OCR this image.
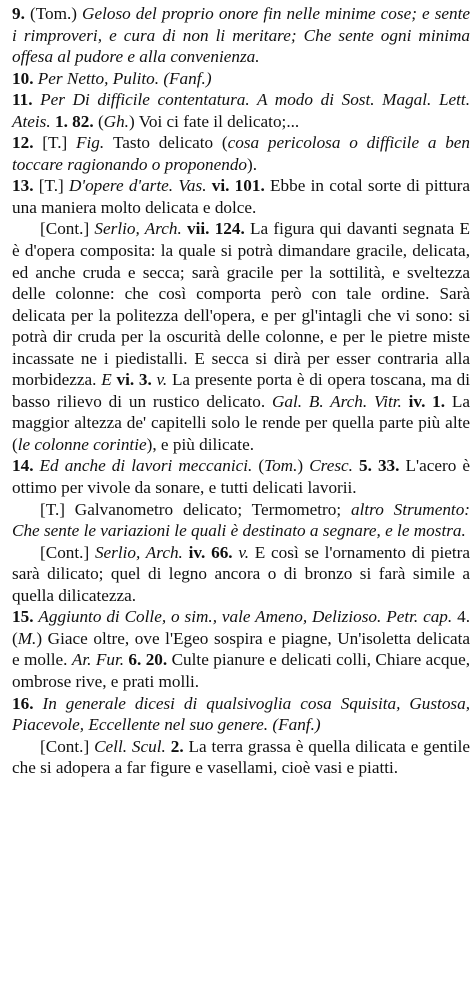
9. (Tom.) Geloso del proprio onore fin nelle minime cose; e sente i rimproveri, e cura di non li meritare; Che sente ogni minima offesa al pudore e alla convenienza.

10. Per Netto, Pulito. (Fanf.)

11. Per Di difficile contentatura. A modo di Sost. Magal. Lett. Ateis. 1. 82. (Gh.) Voi ci fate il delicato;...

12. [T.] Fig. Tasto delicato (cosa pericolosa o difficile a ben toccare ragionando o proponendo).

13. [T.] D'opere d'arte. Vas. vi. 101. Ebbe in cotal sorte di pittura una maniera molto delicata e dolce.

[Cont.] Serlio, Arch. vii. 124. La figura qui davanti segnata E è d'opera composita: la quale si potrà dimandare gracile, delicata, ed anche cruda e secca; sarà gracile per la sottilità, e sveltezza delle colonne: che così comporta però con tale ordine. Sarà delicata per la politezza dell'opera, e per gl'intagli che vi sono: si potrà dir cruda per la oscurità delle colonne, e per le pietre miste incassate ne i piedistalli. E secca si dirà per esser contraria alla morbidezza. E vi. 3. v. La presente porta è di opera toscana, ma di basso rilievo di un rustico delicato. Gal. B. Arch. Vitr. iv. 1. La maggior altezza de' capitelli solo le rende per quella parte più alte (le colonne corintie), e più dilicate.

14. Ed anche di lavori meccanici. (Tom.) Cresc. 5. 33. L'acero è ottimo per vivole da sonare, e tutti delicati lavorii.

[T.] Galvanometro delicato; Termometro; altro Strumento: Che sente le variazioni le quali è destinato a segnare, e le mostra.

[Cont.] Serlio, Arch. iv. 66. v. E così se l'ornamento di pietra sarà dilicato; quel di legno ancora o di bronzo si farà simile a quella dilicatezza.

15. Aggiunto di Colle, o sim., vale Ameno, Delizioso. Petr. cap. 4. (M.) Giace oltre, ove l'Egeo sospira e piagne, Un'isoletta delicata e molle. Ar. Fur. 6. 20. Culte pianure e delicati colli, Chiare acque, ombrose rive, e prati molli.

16. In generale dicesi di qualsivoglia cosa Squisita, Gustosa, Piacevole, Eccellente nel suo genere. (Fanf.)

[Cont.] Cell. Scul. 2. La terra grassa è quella dilicata e gentile che si adopera a far figure e vasellami, cioè vasi e piatti.
